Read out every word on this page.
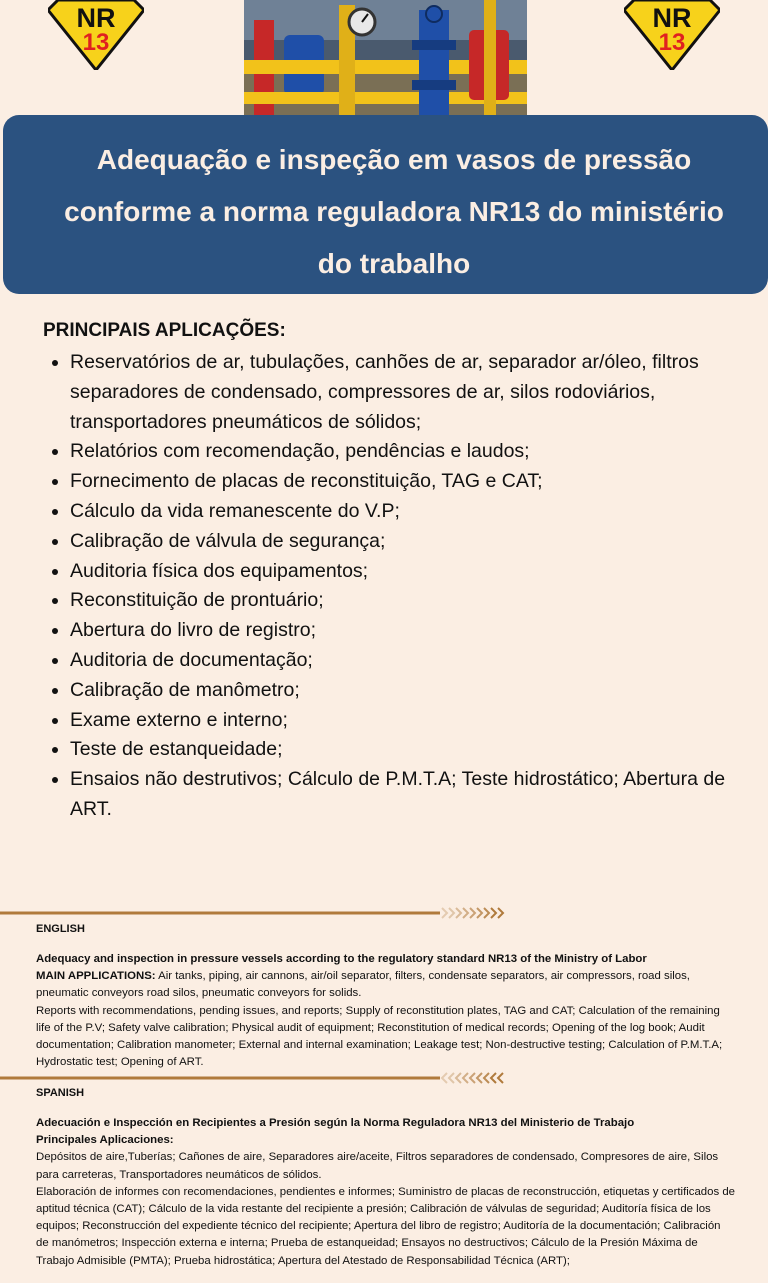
NR
13
NR
13

Adequação e inspeção em vasos de pressão
conforme a norma reguladora NR13 do ministério
do trabalho

PRINCIPAIS APLICAÇÕES:
• Reservatórios de ar, tubulações, canhões de ar, separador ar/óleo, filtros separadores de condensado, compressores de ar, silos rodoviários, transportadores pneumáticos de sólidos;
• Relatórios com recomendação, pendências e laudos;
• Fornecimento de placas de reconstituição, TAG e CAT;
• Cálculo da vida remanescente do V.P;
• Calibração de válvula de segurança;
• Auditoria física dos equipamentos;
• Reconstituição de prontuário;
• Abertura do livro de registro;
• Auditoria de documentação;
• Calibração de manômetro;
• Exame externo e interno;
• Teste de estanqueidade;
• Ensaios não destrutivos; Cálculo de P.M.T.A; Teste hidrostático; Abertura de ART.

ENGLISH

Adequacy and inspection in pressure vessels according to the regulatory standard NR13 of the Ministry of Labor
MAIN APPLICATIONS: Air tanks, piping, air cannons, air/oil separator, filters, condensate separators, air compressors, road silos, pneumatic conveyors road silos, pneumatic conveyors for solids.
Reports with recommendations, pending issues, and reports; Supply of reconstitution plates, TAG and CAT; Calculation of the remaining life of the P.V; Safety valve calibration; Physical audit of equipment; Reconstitution of medical records; Opening of the log book; Audit documentation; Calibration manometer; External and internal examination; Leakage test; Non-destructive testing; Calculation of P.M.T.A; Hydrostatic test; Opening of ART.

SPANISH

Adecuación e Inspección en Recipientes a Presión según la Norma Reguladora NR13 del Ministerio de Trabajo
Principales Aplicaciones:
Depósitos de aire,Tuberías; Cañones de aire, Separadores aire/aceite, Filtros separadores de condensado, Compresores de aire, Silos para carreteras, Transportadores neumáticos de sólidos.
Elaboración de informes con recomendaciones, pendientes e informes; Suministro de placas de reconstrucción, etiquetas y certificados de aptitud técnica (CAT); Cálculo de la vida restante del recipiente a presión; Calibración de válvulas de seguridad; Auditoría física de los equipos; Reconstrucción del expediente técnico del recipiente; Apertura del libro de registro; Auditoría de la documentación; Calibración de manómetros; Inspección externa e interna; Prueba de estanqueidad; Ensayos no destructivos; Cálculo de la Presión Máxima de Trabajo Admisible (PMTA); Prueba hidrostática; Apertura del Atestado de Responsabilidad Técnica (ART);
